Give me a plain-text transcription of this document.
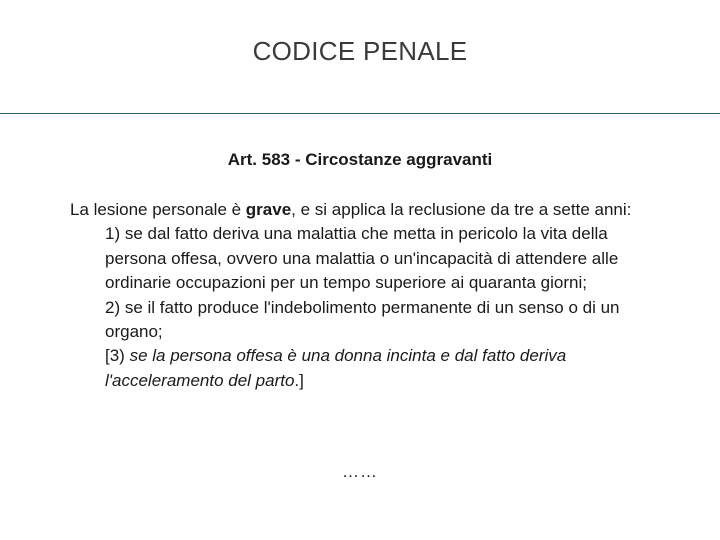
CODICE PENALE
Art. 583 - Circostanze aggravanti

La lesione personale è grave, e si applica la reclusione da tre a sette anni:

1) se dal fatto deriva una malattia che metta in pericolo la vita della persona offesa, ovvero una malattia o un'incapacità di attendere alle ordinarie occupazioni per un tempo superiore ai quaranta giorni;

2) se il fatto produce l'indebolimento permanente di un senso o di un organo;

[3) se la persona offesa è una donna incinta e dal fatto deriva l'acceleramento del parto.]

……
